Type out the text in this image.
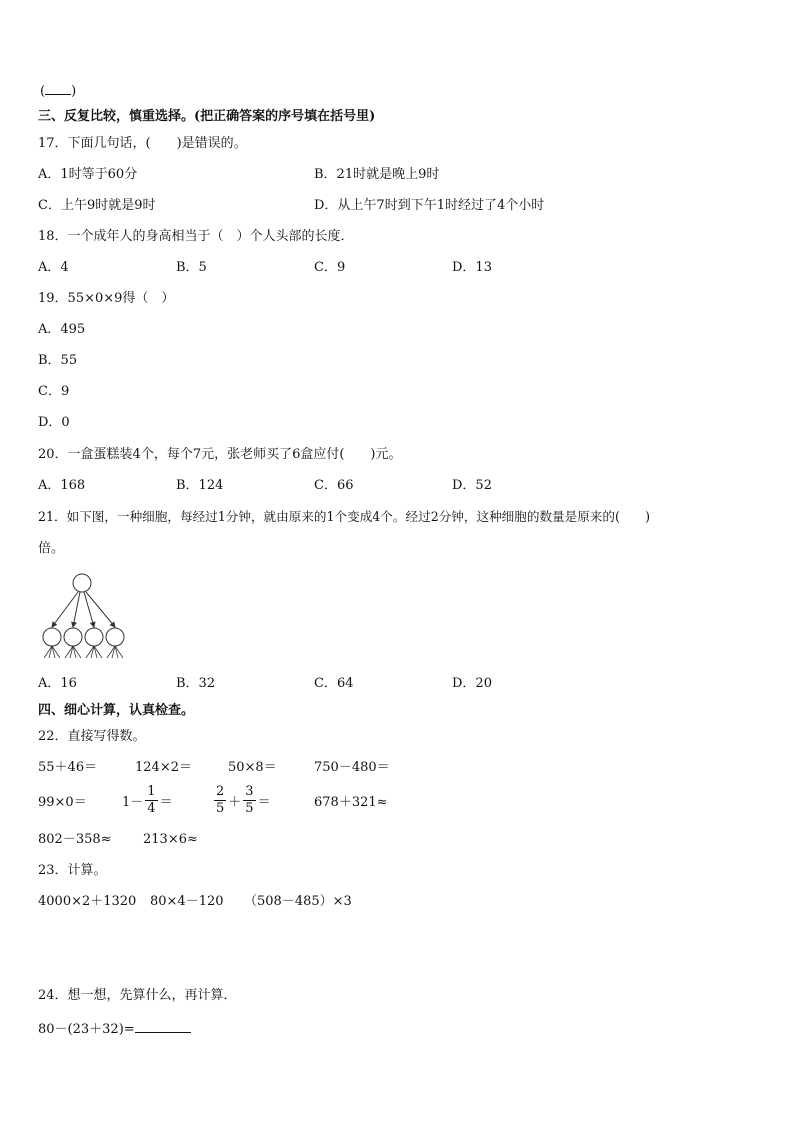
( )
三、反复比较，慎重选择。(把正确答案的序号填在括号里)
17．下面几句话，(　　)是错误的。
A．1时等于60分	B．21时就是晚上9时
C．上午9时就是9时	D．从上午7时到下午1时经过了4个小时
18．一个成年人的身高相当于（　）个人头部的长度．
A．4	B．5	C．9	D．13
19．55×0×9得（　）
A．495
B．55
C．9
D．0
20．一盒蛋糕装4个，每个7元，张老师买了6盒应付(　　)元。
A．168	B．124	C．66	D．52
21．如下图，一种细胞，每经过1分钟，就由原来的1个变成4个。经过2分钟，这种细胞的数量是原来的(　　)
倍。
A．16	B．32	C．64	D．20
四、细心计算，认真检查。
22．直接写得数。
55＋46＝	124×2＝	50×8＝	750－480＝
99×0＝	$1- \frac{1}{4}$ ＝	$\frac{2}{5} + \frac{3}{5}$ ＝	678＋321≈
802－358≈ 213×6≈
23．计算。
4000×2＋1320 80×4－120 （508－485）×3
24．想一想，先算什么，再计算．
80－(23＋32)=
